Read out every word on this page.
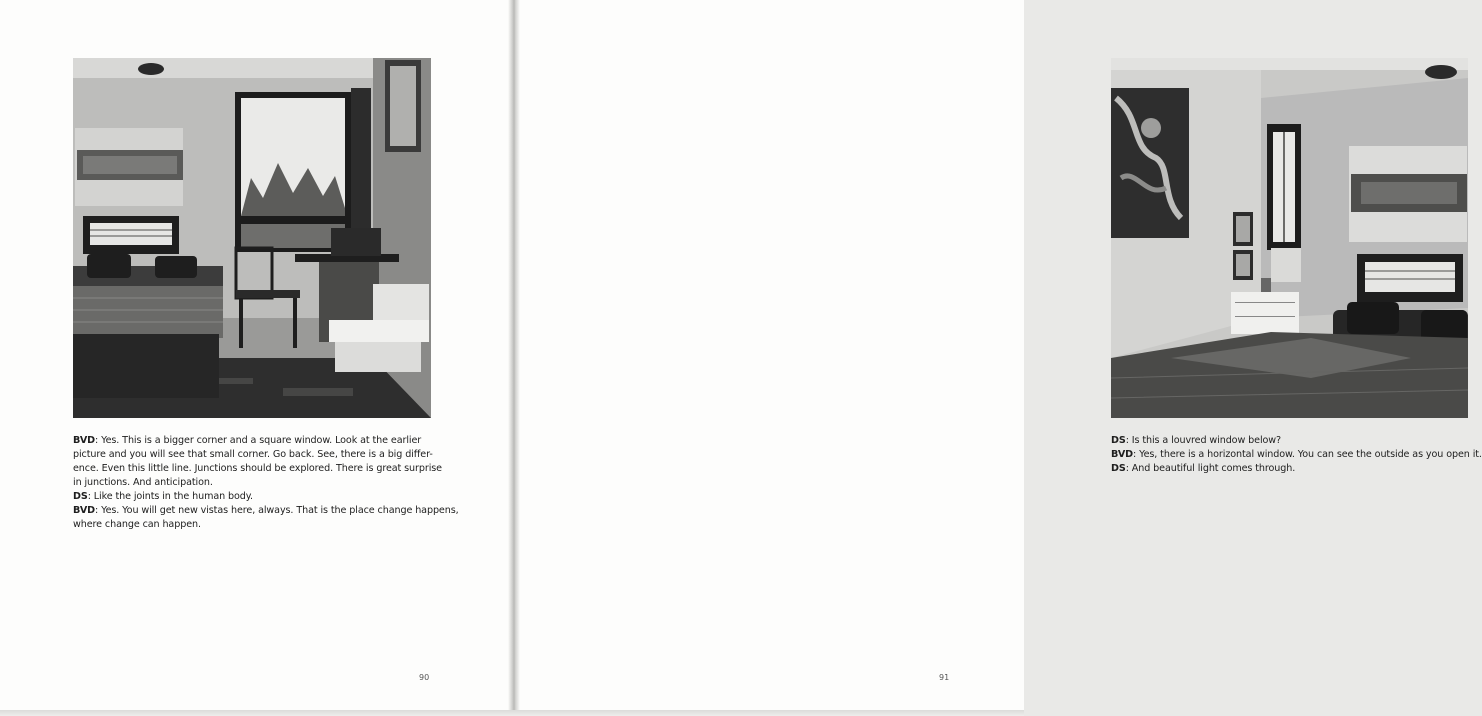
BVD: Yes. This is a bigger corner and a square window. Look at the earlier
picture and you will see that small corner. Go back. See, there is a big differ-
ence. Even this little line. Junctions should be explored. There is great surprise
in junctions. And anticipation.
DS: Like the joints in the human body.
BVD: Yes. You will get new vistas here, always. That is the place change happens,
where change can happen.
90
DS: Is this a louvred window below?
BVD: Yes, there is a horizontal window. You can see the outside as you open it.
DS: And beautiful light comes through.
91
